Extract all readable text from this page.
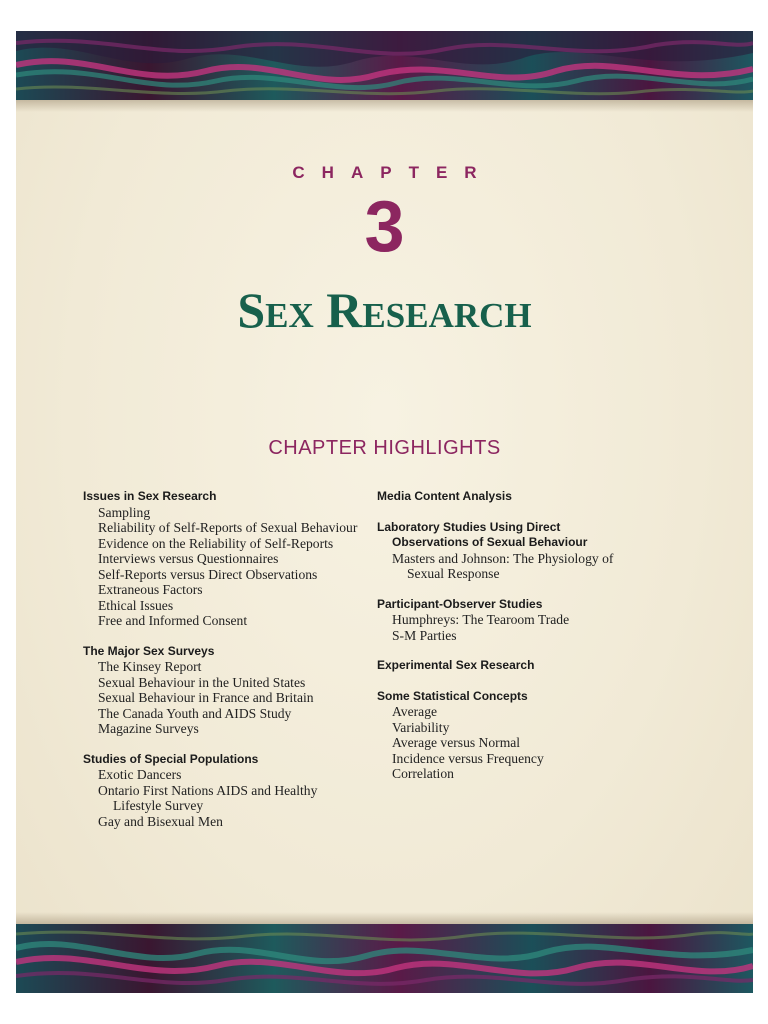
CHAPTER
3
Sex Research
CHAPTER HIGHLIGHTS
Issues in Sex Research
Sampling
Reliability of Self-Reports of Sexual Behaviour
Evidence on the Reliability of Self-Reports
Interviews versus Questionnaires
Self-Reports versus Direct Observations
Extraneous Factors
Ethical Issues
Free and Informed Consent
The Major Sex Surveys
The Kinsey Report
Sexual Behaviour in the United States
Sexual Behaviour in France and Britain
The Canada Youth and AIDS Study
Magazine Surveys
Studies of Special Populations
Exotic Dancers
Ontario First Nations AIDS and Healthy
Lifestyle Survey
Gay and Bisexual Men
Media Content Analysis
Laboratory Studies Using Direct
Observations of Sexual Behaviour
Masters and Johnson: The Physiology of
Sexual Response
Participant-Observer Studies
Humphreys: The Tearoom Trade
S-M Parties
Experimental Sex Research
Some Statistical Concepts
Average
Variability
Average versus Normal
Incidence versus Frequency
Correlation
